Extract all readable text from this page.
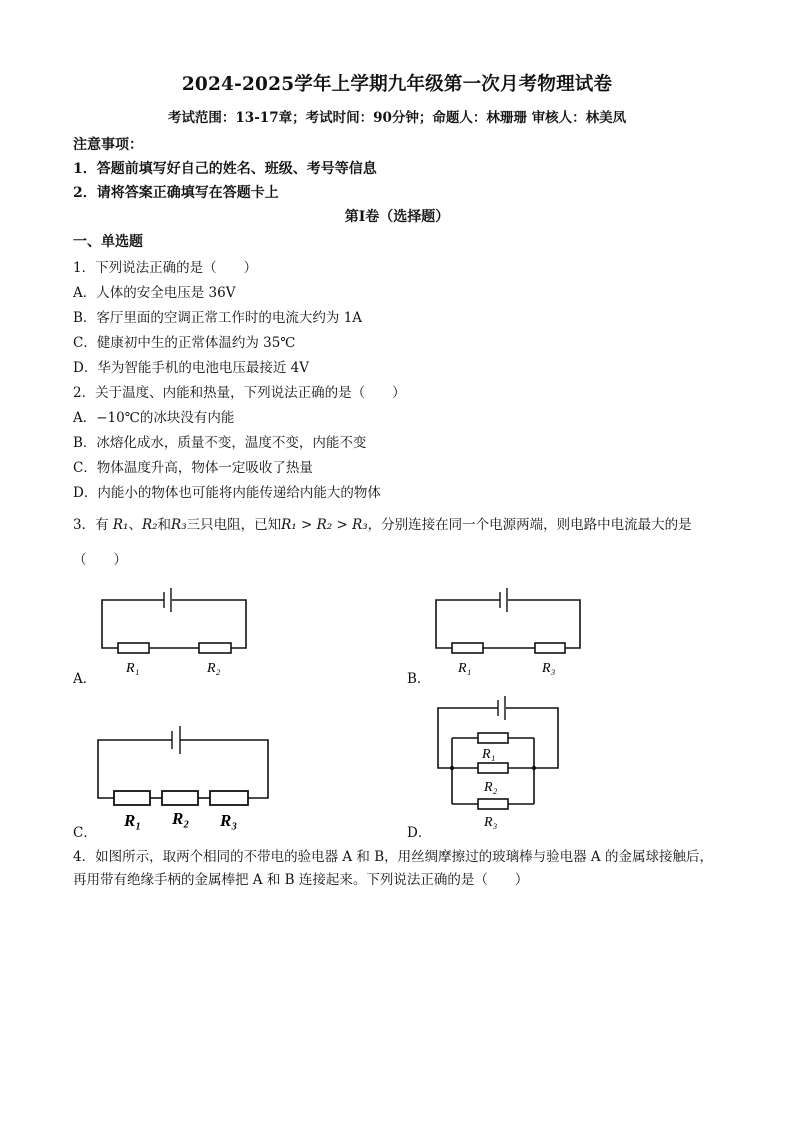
2024-2025学年上学期九年级第一次月考物理试卷
考试范围：13-17章；考试时间：90分钟；命题人：林珊珊 审核人：林美凤
注意事项：
1．答题前填写好自己的姓名、班级、考号等信息
2．请将答案正确填写在答题卡上
第Ⅰ卷（选择题）
一、单选题
1．下列说法正确的是（　　）
A．人体的安全电压是 36V
B．客厅里面的空调正常工作时的电流大约为 1A
C．健康初中生的正常体温约为 35℃
D．华为智能手机的电池电压最接近 4V
2．关于温度、内能和热量，下列说法正确的是（　　）
A．−10℃的冰块没有内能
B．冰熔化成水，质量不变，温度不变，内能不变
C．物体温度升高，物体一定吸收了热量
D．内能小的物体也可能将内能传递给内能大的物体
3．有 R₁、R₂和R₃三只电阻，已知R₁ > R₂ > R₃，分别连接在同一个电源两端，则电路中电流最大的是
（　　）
R₁	R₂
A．
R₁	R₃
B．
R₁ R₂ R₃
C．
R₁
R₂
R₃
D．
4．如图所示，取两个相同的不带电的验电器 A 和 B，用丝绸摩擦过的玻璃棒与验电器 A 的金属球接触后，
再用带有绝缘手柄的金属棒把 A 和 B 连接起来。下列说法正确的是（　　）
